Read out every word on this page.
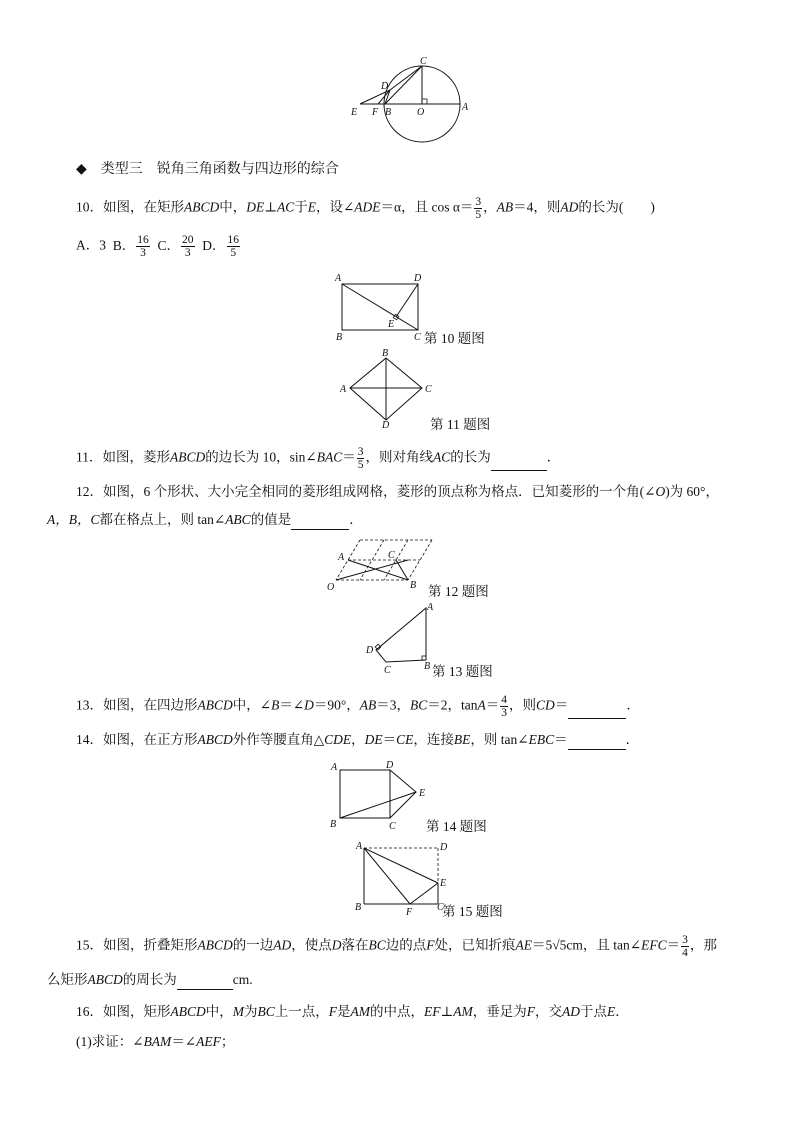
C
D
E F B	O	A
◆ 类型三　锐角三角函数与四边形的综合
10．如图，在矩形ABCD中，DE⊥AC于E，设∠ADE＝α，且 $\cos \alpha= \frac{3}{5}$ ，AB＝4，则AD的长为(　　)
A．3 B． $\frac{16}{3}$ C． $\frac{20}{3}$ D． $\frac{16}{5}$
A	D
B	C
E
第 10 题图
B
A	C
D	第 11 题图
11．如图，菱形ABCD的边长为 10，sin∠BAC＝ $\frac{3}{5}$ ，则对角线AC的长为	．
12．如图，6 个形状、大小完全相同的菱形组成网格，菱形的顶点称为格点．已知菱形的一个角(∠O)为 60°，
A，B，C都在格点上，则 tan∠ABC的值是	．
A	C
O	B 第 12 题图
A
D
B
C	第 13 题图
13．如图，在四边形ABCD中，∠B＝∠D＝90°，AB＝3，BC＝2，$\tan A= \frac{4}{3}$ ，则CD＝	．
14．如图，在正方形ABCD外作等腰直角△CDE，DE＝CE，连接BE，则 tan∠EBC＝	．
A	D
E
B	C 第 14 题图
A	D
E
B	F C
第 15 题图
15．如图，折叠矩形ABCD的一边AD，使点D落在BC边的点F处，已知折痕AE＝5√5cm，且 tan∠EFC＝ $\frac{3}{4}$ ，那
么矩形ABCD的周长为	cm.
16．如图，矩形ABCD中，M为BC上一点，F是AM的中点，EF⊥AM，垂足为F，交AD于点E．
(1)求证：∠BAM＝∠AEF；
